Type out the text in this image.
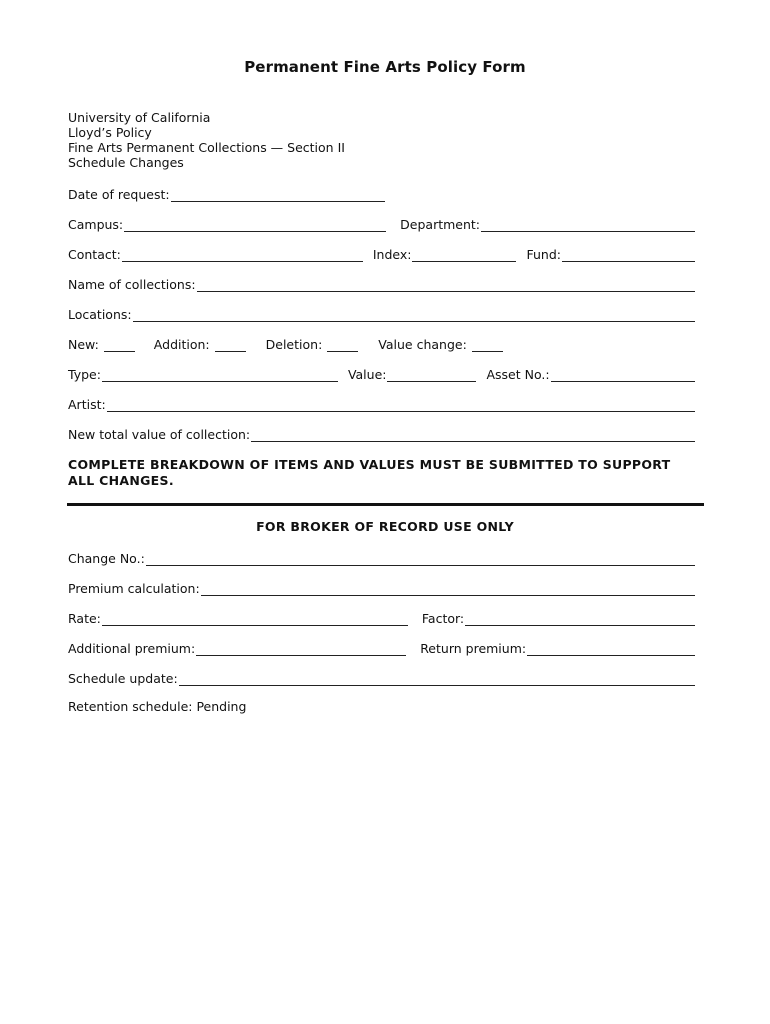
Permanent Fine Arts Policy Form
University of California
Lloyd’s Policy
Fine Arts Permanent Collections — Section II
Schedule Changes
Date of request:
Campus:	Department:
Contact:	Index:	Fund:
Name of collections:
Locations:
New:	Addition:	Deletion:	Value change:
Type:	Value:	Asset No.:
Artist:
New total value of collection:
COMPLETE BREAKDOWN OF ITEMS AND VALUES MUST BE SUBMITTED TO SUPPORT ALL CHANGES.
FOR BROKER OF RECORD USE ONLY
Change No.:
Premium calculation:
Rate:	Factor:
Additional premium:	Return premium:
Schedule update:
Retention schedule: Pending
